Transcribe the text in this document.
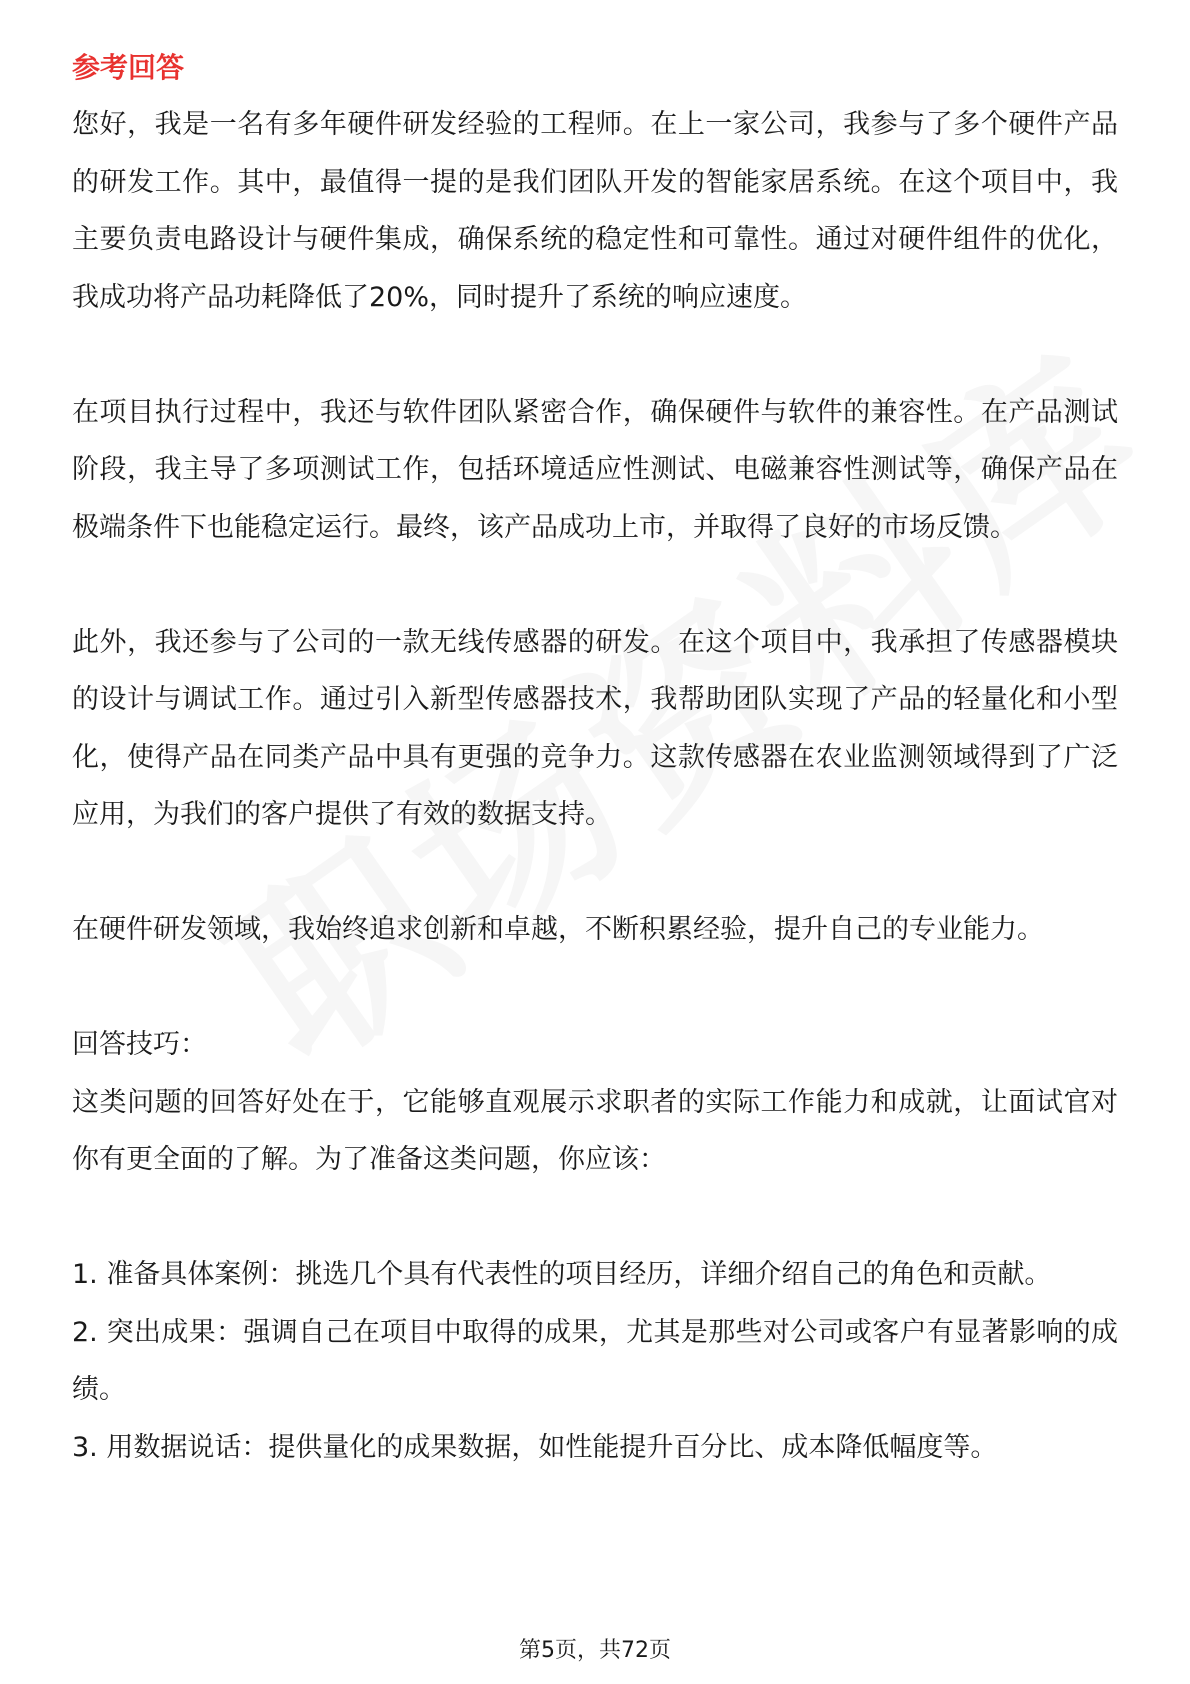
参考回答

您好，我是一名有多年硬件研发经验的工程师。在上一家公司，我参与了多个硬件产品的研发工作。其中，最值得一提的是我们团队开发的智能家居系统。在这个项目中，我主要负责电路设计与硬件集成，确保系统的稳定性和可靠性。通过对硬件组件的优化，我成功将产品功耗降低了20%，同时提升了系统的响应速度。

在项目执行过程中，我还与软件团队紧密合作，确保硬件与软件的兼容性。在产品测试阶段，我主导了多项测试工作，包括环境适应性测试、电磁兼容性测试等，确保产品在极端条件下也能稳定运行。最终，该产品成功上市，并取得了良好的市场反馈。

此外，我还参与了公司的一款无线传感器的研发。在这个项目中，我承担了传感器模块的设计与调试工作。通过引入新型传感器技术，我帮助团队实现了产品的轻量化和小型化，使得产品在同类产品中具有更强的竞争力。这款传感器在农业监测领域得到了广泛应用，为我们的客户提供了有效的数据支持。

在硬件研发领域，我始终追求创新和卓越，不断积累经验，提升自己的专业能力。

回答技巧：

这类问题的回答好处在于，它能够直观展示求职者的实际工作能力和成就，让面试官对你有更全面的了解。为了准备这类问题，你应该：

1. 准备具体案例：挑选几个具有代表性的项目经历，详细介绍自己的角色和贡献。

2. 突出成果：强调自己在项目中取得的成果，尤其是那些对公司或客户有显著影响的成绩。

3. 用数据说话：提供量化的成果数据，如性能提升百分比、成本降低幅度等。

第5页，共72页
